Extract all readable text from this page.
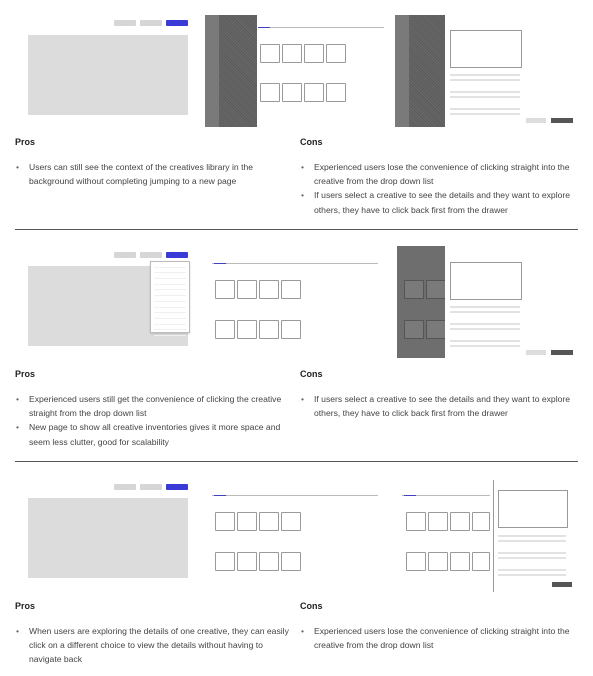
Pros
• Users can still see the context of the creatives library in the background without completing jumping to a new page
Cons
• Experienced users lose the convenience of clicking straight into the creative from the drop down list
• If users select a creative to see the details and they want to explore others, they have to click back first from the drawer
Pros
• Experienced users still get the convenience of clicking the creative straight from the drop down list
• New page to show all creative inventories gives it more space and seem less clutter, good for scalability
Cons
• If users select a creative to see the details and they want to explore others, they have to click back first from the drawer
Pros
• When users are exploring the details of one creative, they can easily click on a different choice to view the details without having to navigate back
Cons
• Experienced users lose the convenience of clicking straight into the creative from the drop down list
